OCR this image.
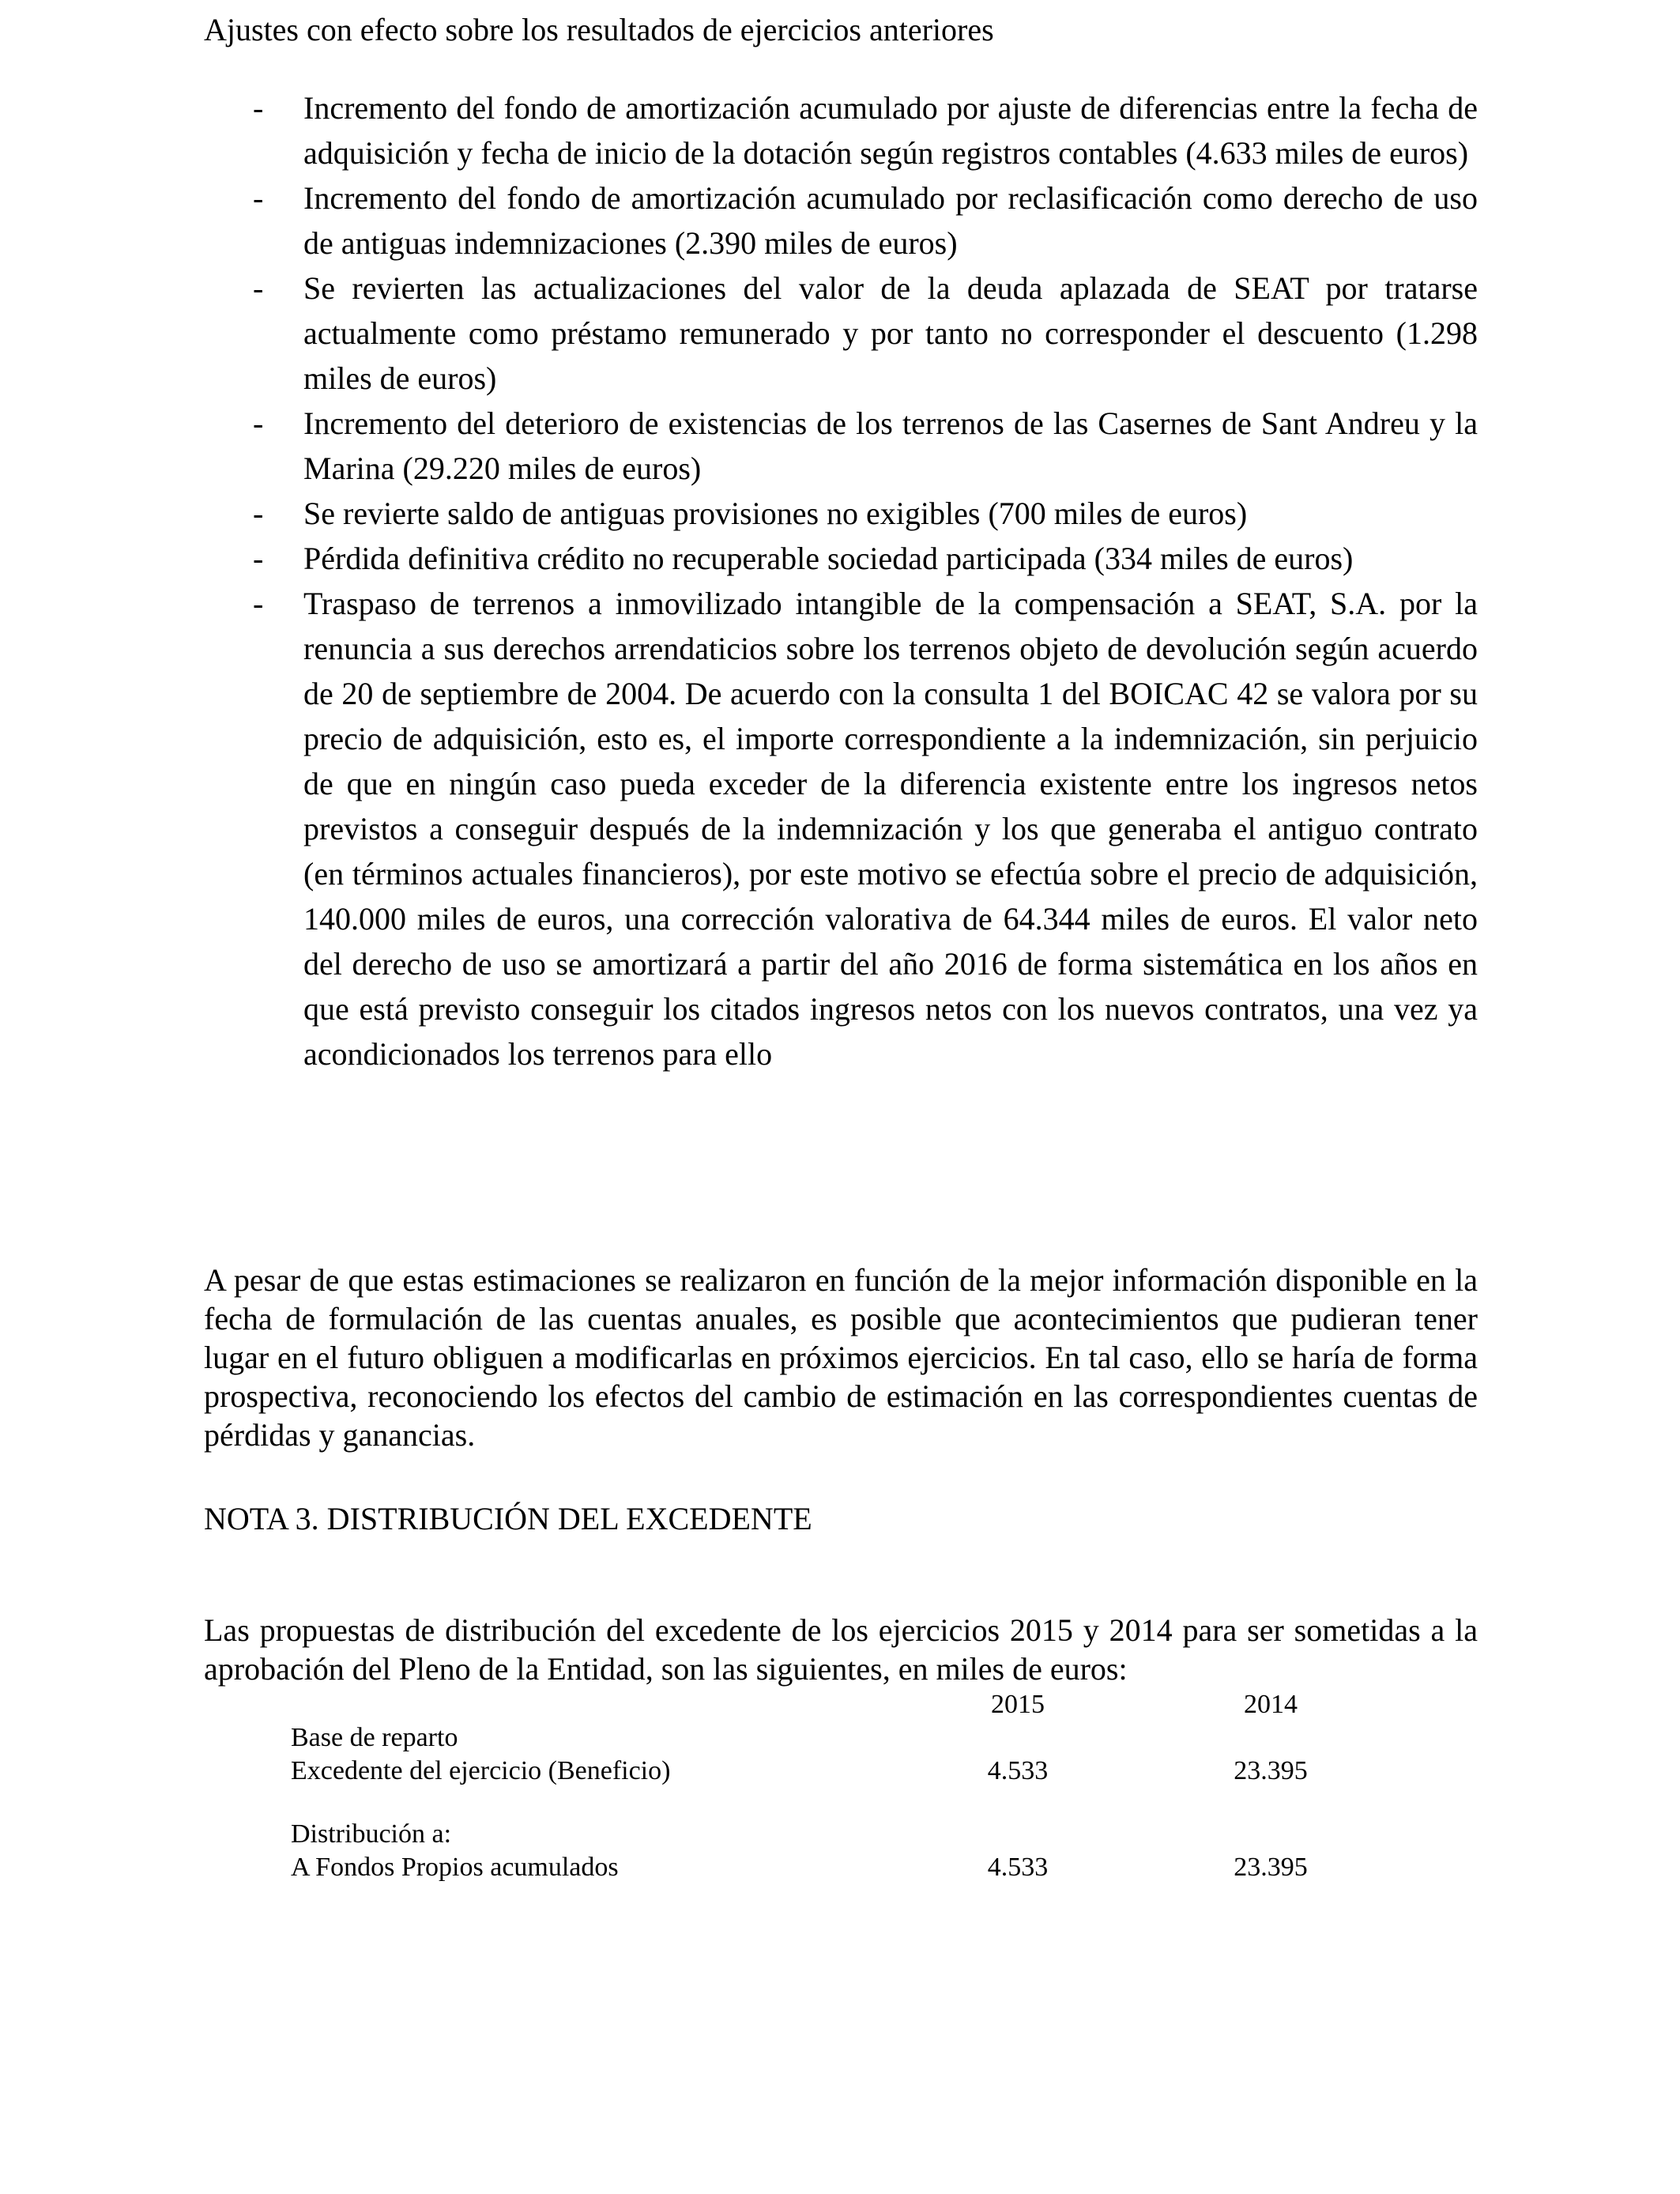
Ajustes con efecto sobre los resultados de ejercicios anteriores
- Incremento del fondo de amortización acumulado por ajuste de diferencias entre la fecha de adquisición y fecha de inicio de la dotación según registros contables (4.633 miles de euros)
- Incremento del fondo de amortización acumulado por reclasificación como derecho de uso de antiguas indemnizaciones (2.390 miles de euros)
- Se revierten las actualizaciones del valor de la deuda aplazada de SEAT por tratarse actualmente como préstamo remunerado y por tanto no corresponder el descuento (1.298 miles de euros)
- Incremento del deterioro de existencias de los terrenos de las Casernes de Sant Andreu y la Marina (29.220 miles de euros)
- Se revierte saldo de antiguas provisiones no exigibles (700 miles de euros)
- Pérdida definitiva crédito no recuperable sociedad participada (334 miles de euros)
- Traspaso de terrenos a inmovilizado intangible de la compensación a SEAT, S.A. por la renuncia a sus derechos arrendaticios sobre los terrenos objeto de devolución según acuerdo de 20 de septiembre de 2004. De acuerdo con la consulta 1 del BOICAC 42 se valora por su precio de adquisición, esto es, el importe correspondiente a la indemnización, sin perjuicio de que en ningún caso pueda exceder de la diferencia existente entre los ingresos netos previstos a conseguir después de la indemnización y los que generaba el antiguo contrato (en términos actuales financieros), por este motivo se efectúa sobre el precio de adquisición, 140.000 miles de euros, una corrección valorativa de 64.344 miles de euros. El valor neto del derecho de uso se amortizará a partir del año 2016 de forma sistemática en los años en que está previsto conseguir los citados ingresos netos con los nuevos contratos, una vez ya acondicionados los terrenos para ello

A pesar de que estas estimaciones se realizaron en función de la mejor información disponible en la fecha de formulación de las cuentas anuales, es posible que acontecimientos que pudieran tener lugar en el futuro obliguen a modificarlas en próximos ejercicios. En tal caso, ello se haría de forma prospectiva, reconociendo los efectos del cambio de estimación en las correspondientes cuentas de pérdidas y ganancias.

NOTA 3. DISTRIBUCIÓN DEL EXCEDENTE

Las propuestas de distribución del excedente de los ejercicios 2015 y 2014 para ser sometidas a la aprobación del Pleno de la Entidad, son las siguientes, en miles de euros:

	2015	2014
Base de reparto		
Excedente del ejercicio (Beneficio)	4.533	23.395

Distribución a:		
A Fondos Propios acumulados	4.533	23.395
